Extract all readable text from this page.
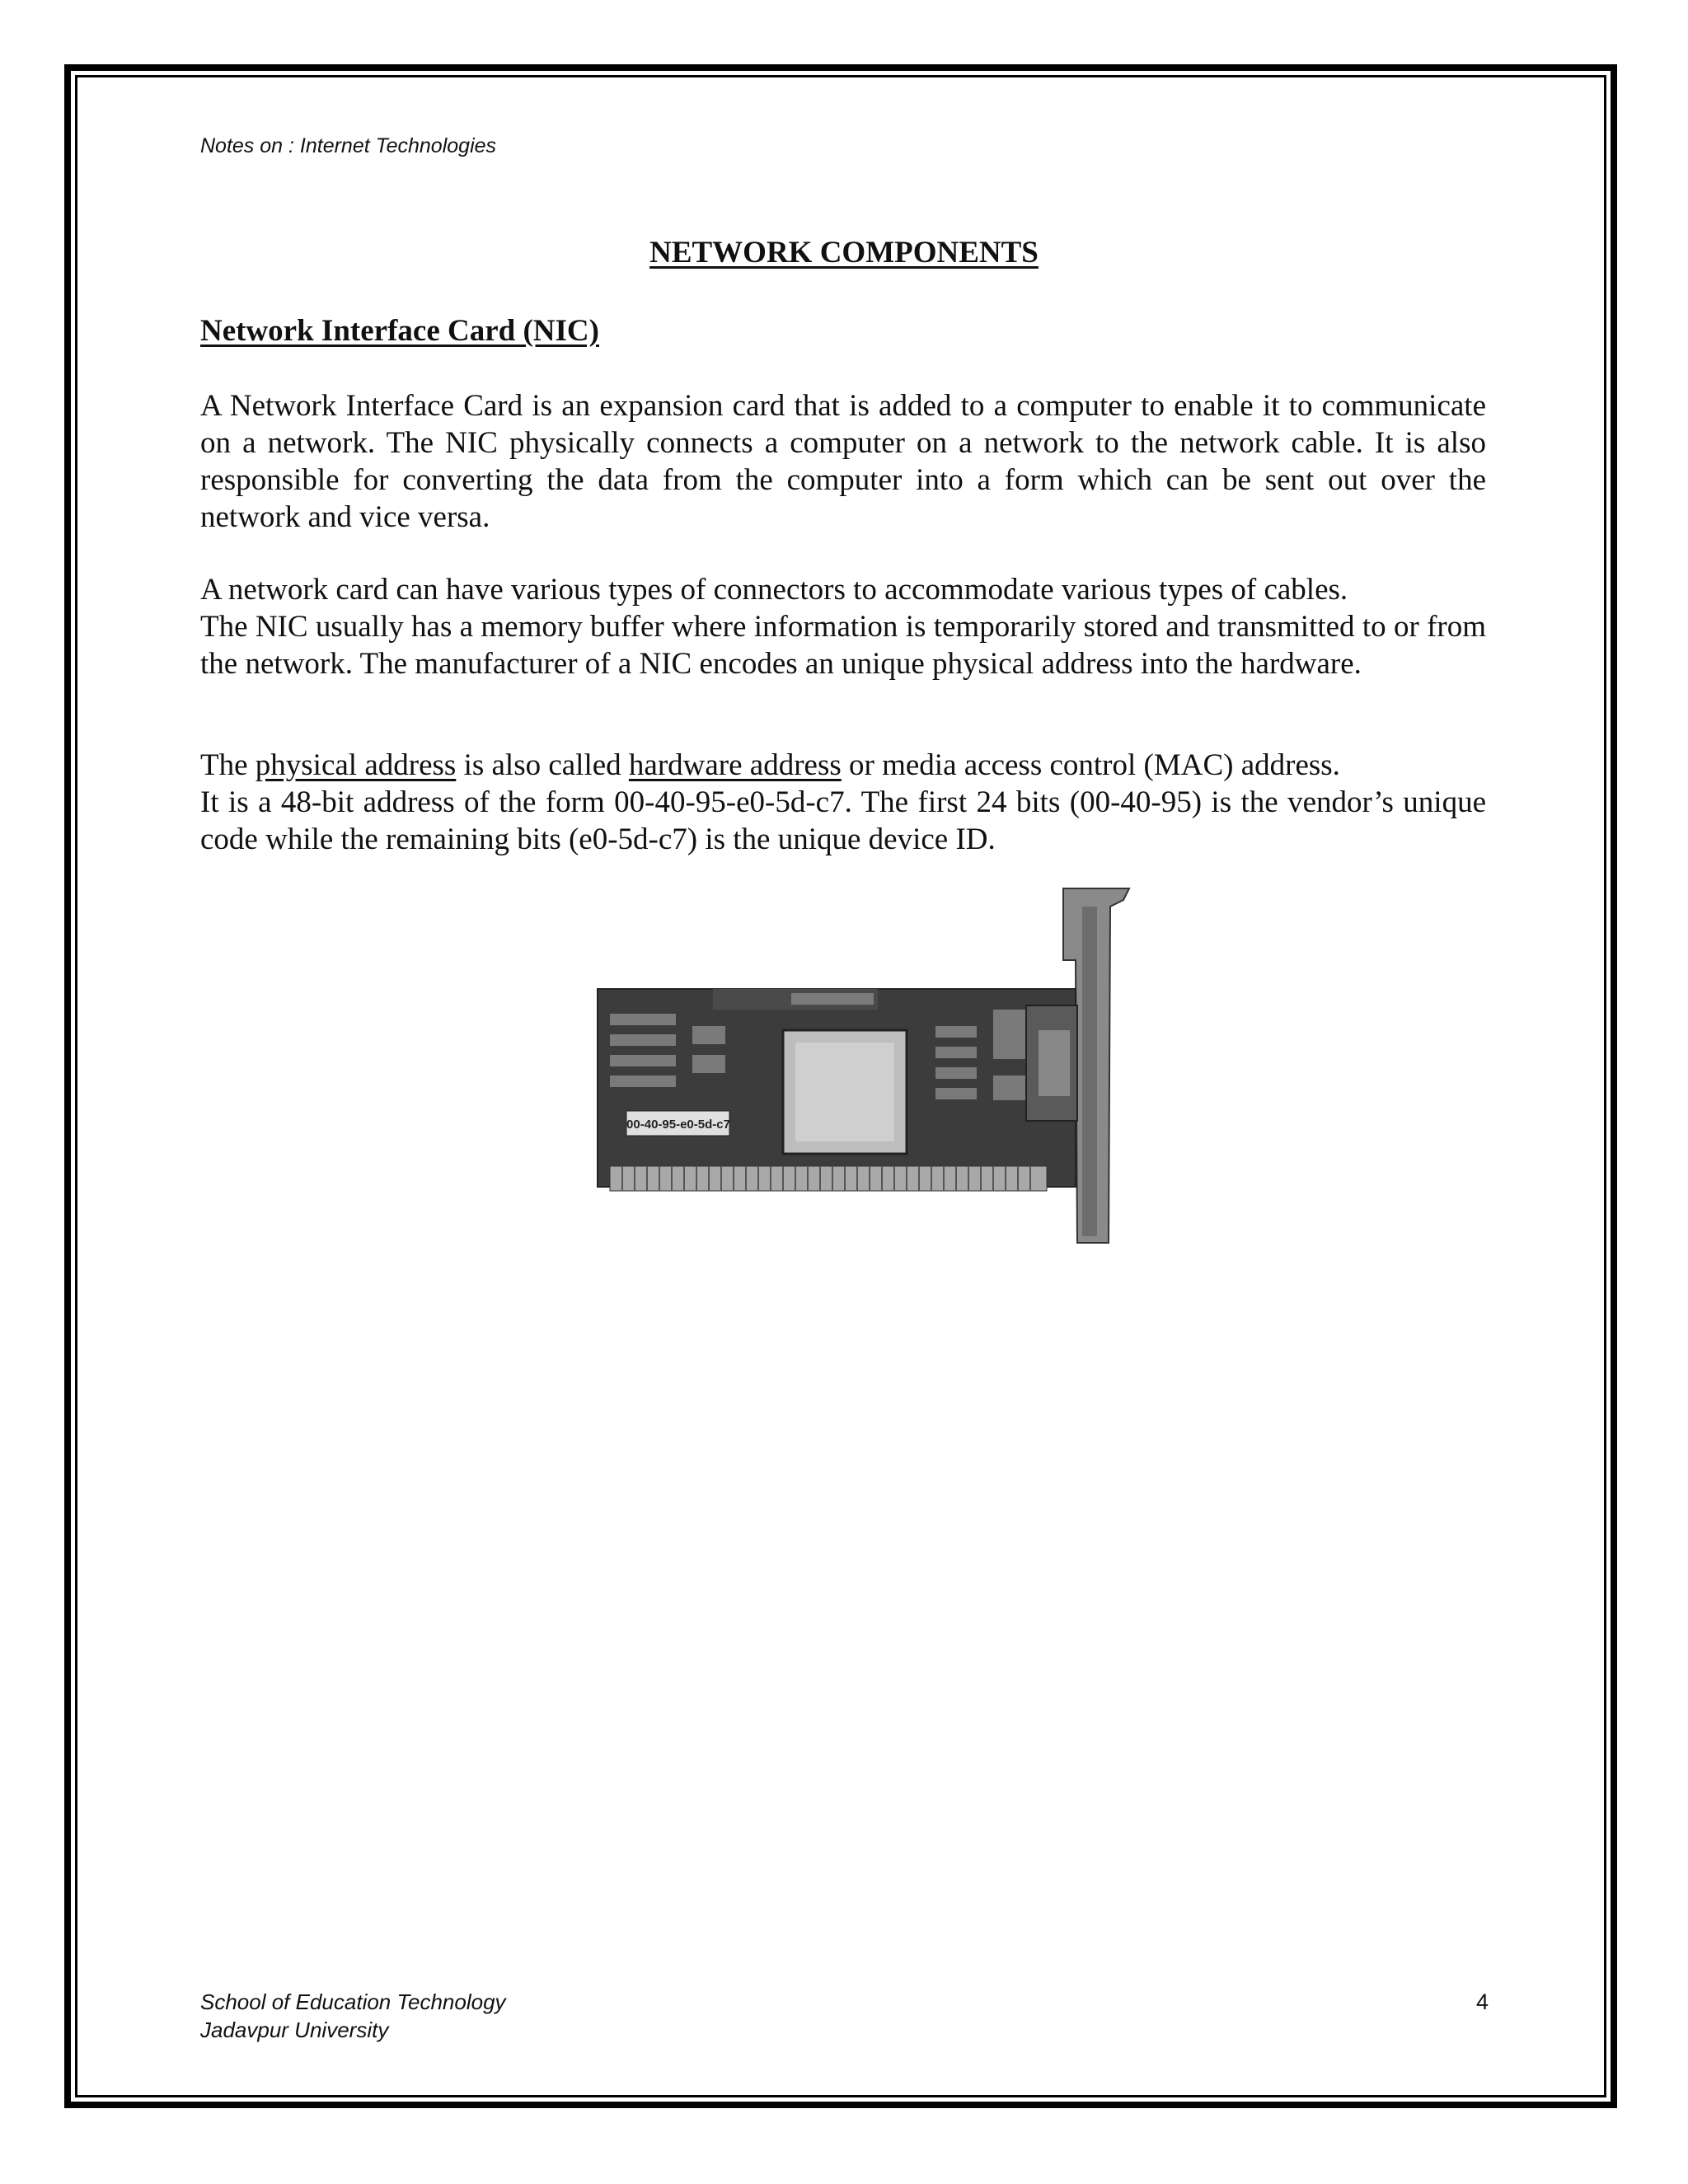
Notes on : Internet Technologies
NETWORK COMPONENTS
Network Interface Card (NIC)

A Network Interface Card is an expansion card that is added to a computer to enable it to communicate on a network. The NIC physically connects a computer on a network to the network cable. It is also responsible for converting the data from the computer into a form which can be sent out over the network and vice versa.

A network card can have various types of connectors to accommodate various types of cables.
The NIC usually has a memory buffer where information is temporarily stored and transmitted to or from the network. The manufacturer of a NIC encodes an unique physical address into the hardware.
The physical address is also called hardware address or media access control (MAC) address.
It is a 48-bit address of the form 00-40-95-e0-5d-c7. The first 24 bits (00-40-95) is the vendor’s unique code while the remaining bits (e0-5d-c7) is the unique device ID.
00-40-95-e0-5d-c7
School of Education Technology
Jadavpur University
4
